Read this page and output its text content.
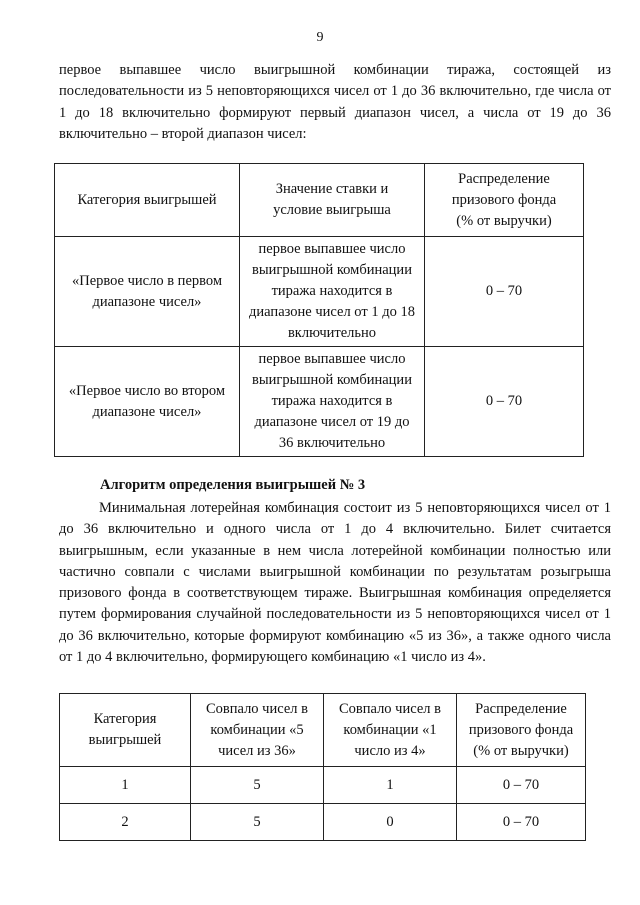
9
первое выпавшее число выигрышной комбинации тиража, состоящей из последовательности из 5 неповторяющихся чисел от 1 до 36 включительно, где числа от 1 до 18 включительно формируют первый диапазон чисел, а числа от 19 до 36 включительно – второй диапазон чисел:
Категория выигрышей	Значение ставки и условие выигрыша	Распределение призового фонда (% от выручки)

«Первое число в первом диапазоне чисел»	первое выпавшее число выигрышной комбинации тиража находится в диапазоне чисел от 1 до 18 включительно	0 – 70

«Первое число во втором диапазоне чисел»	первое выпавшее число выигрышной комбинации тиража находится в диапазоне чисел от 19 до 36 включительно	0 – 70
Алгоритм определения выигрышей № 3
Минимальная лотерейная комбинация состоит из 5 неповторяющихся чисел от 1 до 36 включительно и одного числа от 1 до 4 включительно. Билет считается выигрышным, если указанные в нем числа лотерейной комбинации полностью или частично совпали с числами выигрышной комбинации по результатам розыгрыша призового фонда в соответствующем тираже. Выигрышная комбинация определяется путем формирования случайной последовательности из 5 неповторяющихся чисел от 1 до 36 включительно, которые формируют комбинацию «5 из 36», а также одного числа от 1 до 4 включительно, формирующего комбинацию «1 число из 4».
Категория выигрышей	Совпало чисел в комбинации «5 чисел из 36»	Совпало чисел в комбинации «1 число из 4»	Распределение призового фонда (% от выручки)

1	5	1	0 – 70
2	5	0	0 – 70
